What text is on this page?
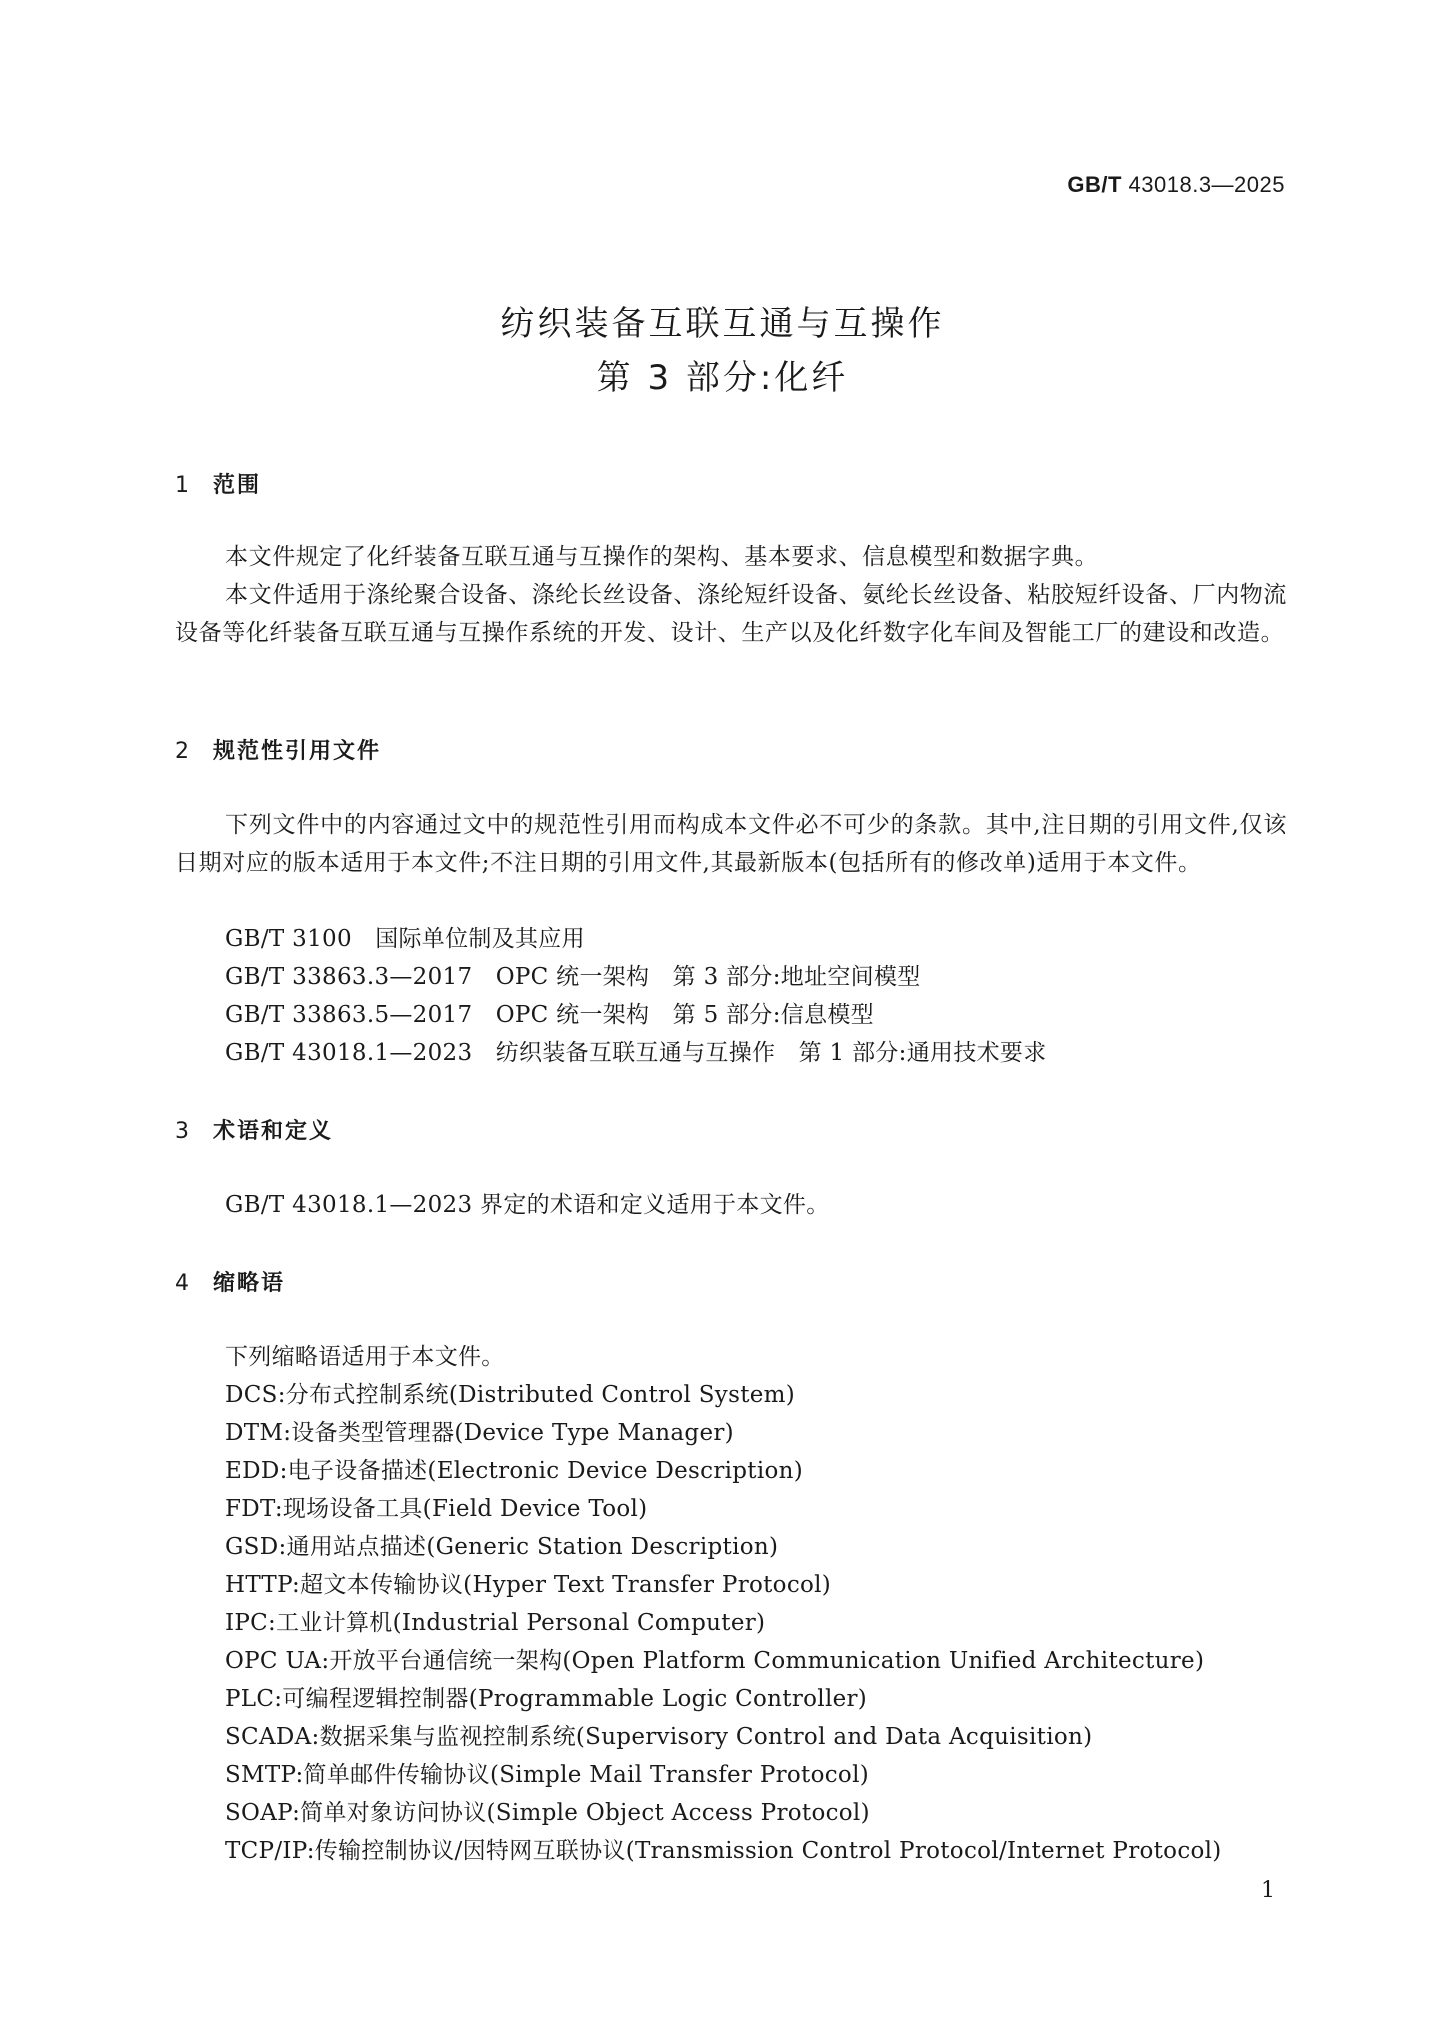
GB/T 43018.3—2025
纺织装备互联互通与互操作
第 3 部分:化纤
1 范围
本文件规定了化纤装备互联互通与互操作的架构、基本要求、信息模型和数据字典。
本文件适用于涤纶聚合设备、涤纶长丝设备、涤纶短纤设备、氨纶长丝设备、粘胶短纤设备、厂内物流设备等化纤装备互联互通与互操作系统的开发、设计、生产以及化纤数字化车间及智能工厂的建设和改造。
2 规范性引用文件
下列文件中的内容通过文中的规范性引用而构成本文件必不可少的条款。其中,注日期的引用文件,仅该日期对应的版本适用于本文件;不注日期的引用文件,其最新版本(包括所有的修改单)适用于本文件。
GB/T 3100　国际单位制及其应用
GB/T 33863.3—2017　OPC 统一架构　第 3 部分:地址空间模型
GB/T 33863.5—2017　OPC 统一架构　第 5 部分:信息模型
GB/T 43018.1—2023　纺织装备互联互通与互操作　第 1 部分:通用技术要求
3 术语和定义
GB/T 43018.1—2023 界定的术语和定义适用于本文件。
4 缩略语
下列缩略语适用于本文件。
DCS:分布式控制系统(Distributed Control System)
DTM:设备类型管理器(Device Type Manager)
EDD:电子设备描述(Electronic Device Description)
FDT:现场设备工具(Field Device Tool)
GSD:通用站点描述(Generic Station Description)
HTTP:超文本传输协议(Hyper Text Transfer Protocol)
IPC:工业计算机(Industrial Personal Computer)
OPC UA:开放平台通信统一架构(Open Platform Communication Unified Architecture)
PLC:可编程逻辑控制器(Programmable Logic Controller)
SCADA:数据采集与监视控制系统(Supervisory Control and Data Acquisition)
SMTP:简单邮件传输协议(Simple Mail Transfer Protocol)
SOAP:简单对象访问协议(Simple Object Access Protocol)
TCP/IP:传输控制协议/因特网互联协议(Transmission Control Protocol/Internet Protocol)
1
